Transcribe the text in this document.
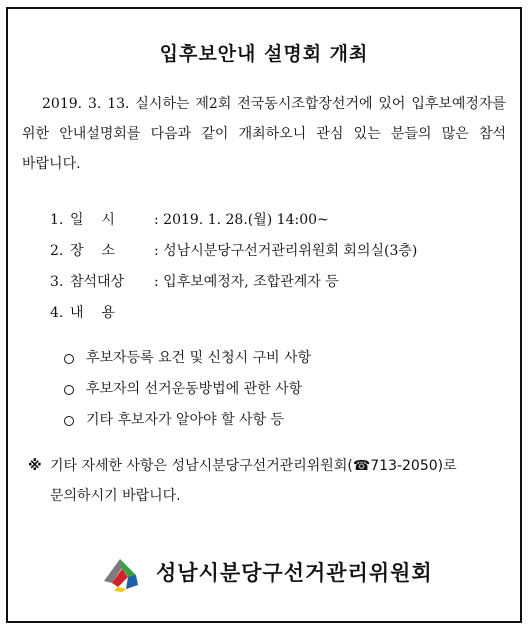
입후보안내 설명회 개최

2019. 3. 13. 실시하는 제2회 전국동시조합장선거에 있어 입후보예정자를 위한 안내설명회를 다음과 같이 개최하오니 관심 있는 분들의 많은 참석 바랍니다.

1. 일    시	: 2019. 1. 28.(월) 14:00~
2. 장    소	: 성남시분당구선거관리위원회 회의실(3층)
3. 참석대상 : 입후보예정자, 조합관계자 등
4. 내    용
후보자등록 요건 및 신청시 구비 사항
후보자의 선거운동방법에 관한 사항
기타 후보자가 알아야 할 사항 등
※ 기타 자세한 사항은 성남시분당구선거관리위원회(☎713-2050)로
문의하시기 바랍니다.
성남시분당구선거관리위원회
